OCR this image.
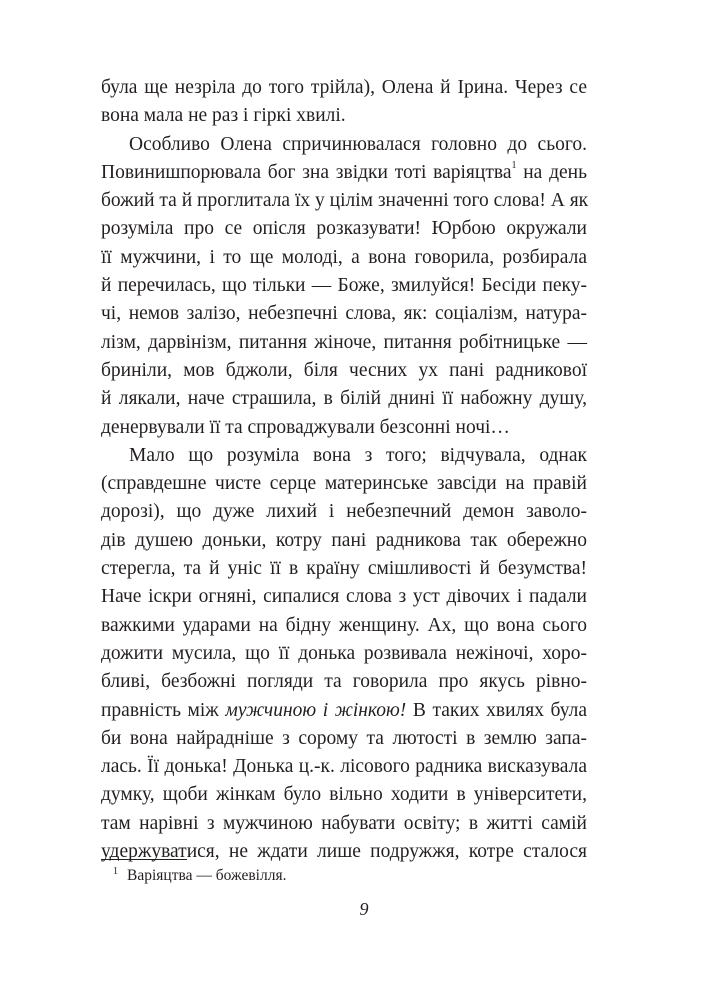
була ще незріла до того трійла), Олена й Ірина. Через се
вона мала не раз і гіркі хвилі.
Особливо Олена спричинювалася головно до сього.
Повинишпорювала бог зна звідки тоті варіяцтва$^1$ на день
божий та й проглитала їх у цілім значенні того слова! А як
розуміла про се опісля розказувати! Юрбою окружали
її мужчини, і то ще молоді, а вона говорила, розбирала
й перечилась, що тільки — Боже, змилуйся! Бесіди пеку-
чі, немов залізо, небезпечні слова, як: соціалізм, натура-
лізм, дарвінізм, питання жіноче, питання робітницьке —
бриніли, мов бджоли, біля чесних ух пані радникової
й лякали, наче страшила, в білій днині її набожну душу,
денервували її та спроваджували безсонні ночі…
Мало що розуміла вона з того; відчувала, однак
(справдешне чисте серце материнське завсіди на правій
дорозі), що дуже лихий і небезпечний демон заволо-
дів душею доньки, котру пані радникова так обережно
стерегла, та й уніс її в країну смішливості й безумства!
Наче іскри огняні, сипалися слова з уст дівочих і падали
важкими ударами на бідну женщину. Ах, що вона сього
дожити мусила, що її донька розвивала нежіночі, хоро-
бливі, безбожні погляди та говорила про якусь рівно-
правність між мужчиною і жінкою! В таких хвилях була
би вона найрадніше з сорому та лютості в землю запа-
лась. Її донька! Донька ц.-к. лісового радника висказувала
думку, щоби жінкам було вільно ходити в університети,
там нарівні з мужчиною набувати освіту; в житті самій
удержуватися, не ждати лише подружжя, котре сталося
$^1$ Варіяцтва — божевілля.
9
